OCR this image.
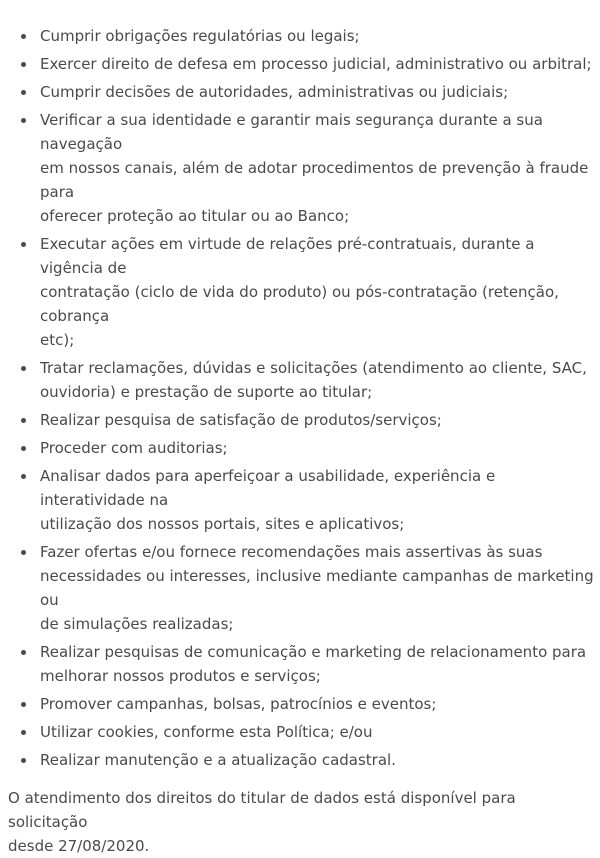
Cumprir obrigações regulatórias ou legais;
Exercer direito de defesa em processo judicial, administrativo ou arbitral;
Cumprir decisões de autoridades, administrativas ou judiciais;
Verificar a sua identidade e garantir mais segurança durante a sua navegação
em nossos canais, além de adotar procedimentos de prevenção à fraude para
oferecer proteção ao titular ou ao Banco;
Executar ações em virtude de relações pré-contratuais, durante a vigência de
contratação (ciclo de vida do produto) ou pós-contratação (retenção, cobrança
etc);
Tratar reclamações, dúvidas e solicitações (atendimento ao cliente, SAC,
ouvidoria) e prestação de suporte ao titular;
Realizar pesquisa de satisfação de produtos/serviços;
Proceder com auditorias;
Analisar dados para aperfeiçoar a usabilidade, experiência e interatividade na
utilização dos nossos portais, sites e aplicativos;
Fazer ofertas e/ou fornece recomendações mais assertivas às suas
necessidades ou interesses, inclusive mediante campanhas de marketing ou
de simulações realizadas;
Realizar pesquisas de comunicação e marketing de relacionamento para
melhorar nossos produtos e serviços;
Promover campanhas, bolsas, patrocínios e eventos;
Utilizar cookies, conforme esta Política; e/ou
Realizar manutenção e a atualização cadastral.

O atendimento dos direitos do titular de dados está disponível para solicitação
desde 27/08/2020.
